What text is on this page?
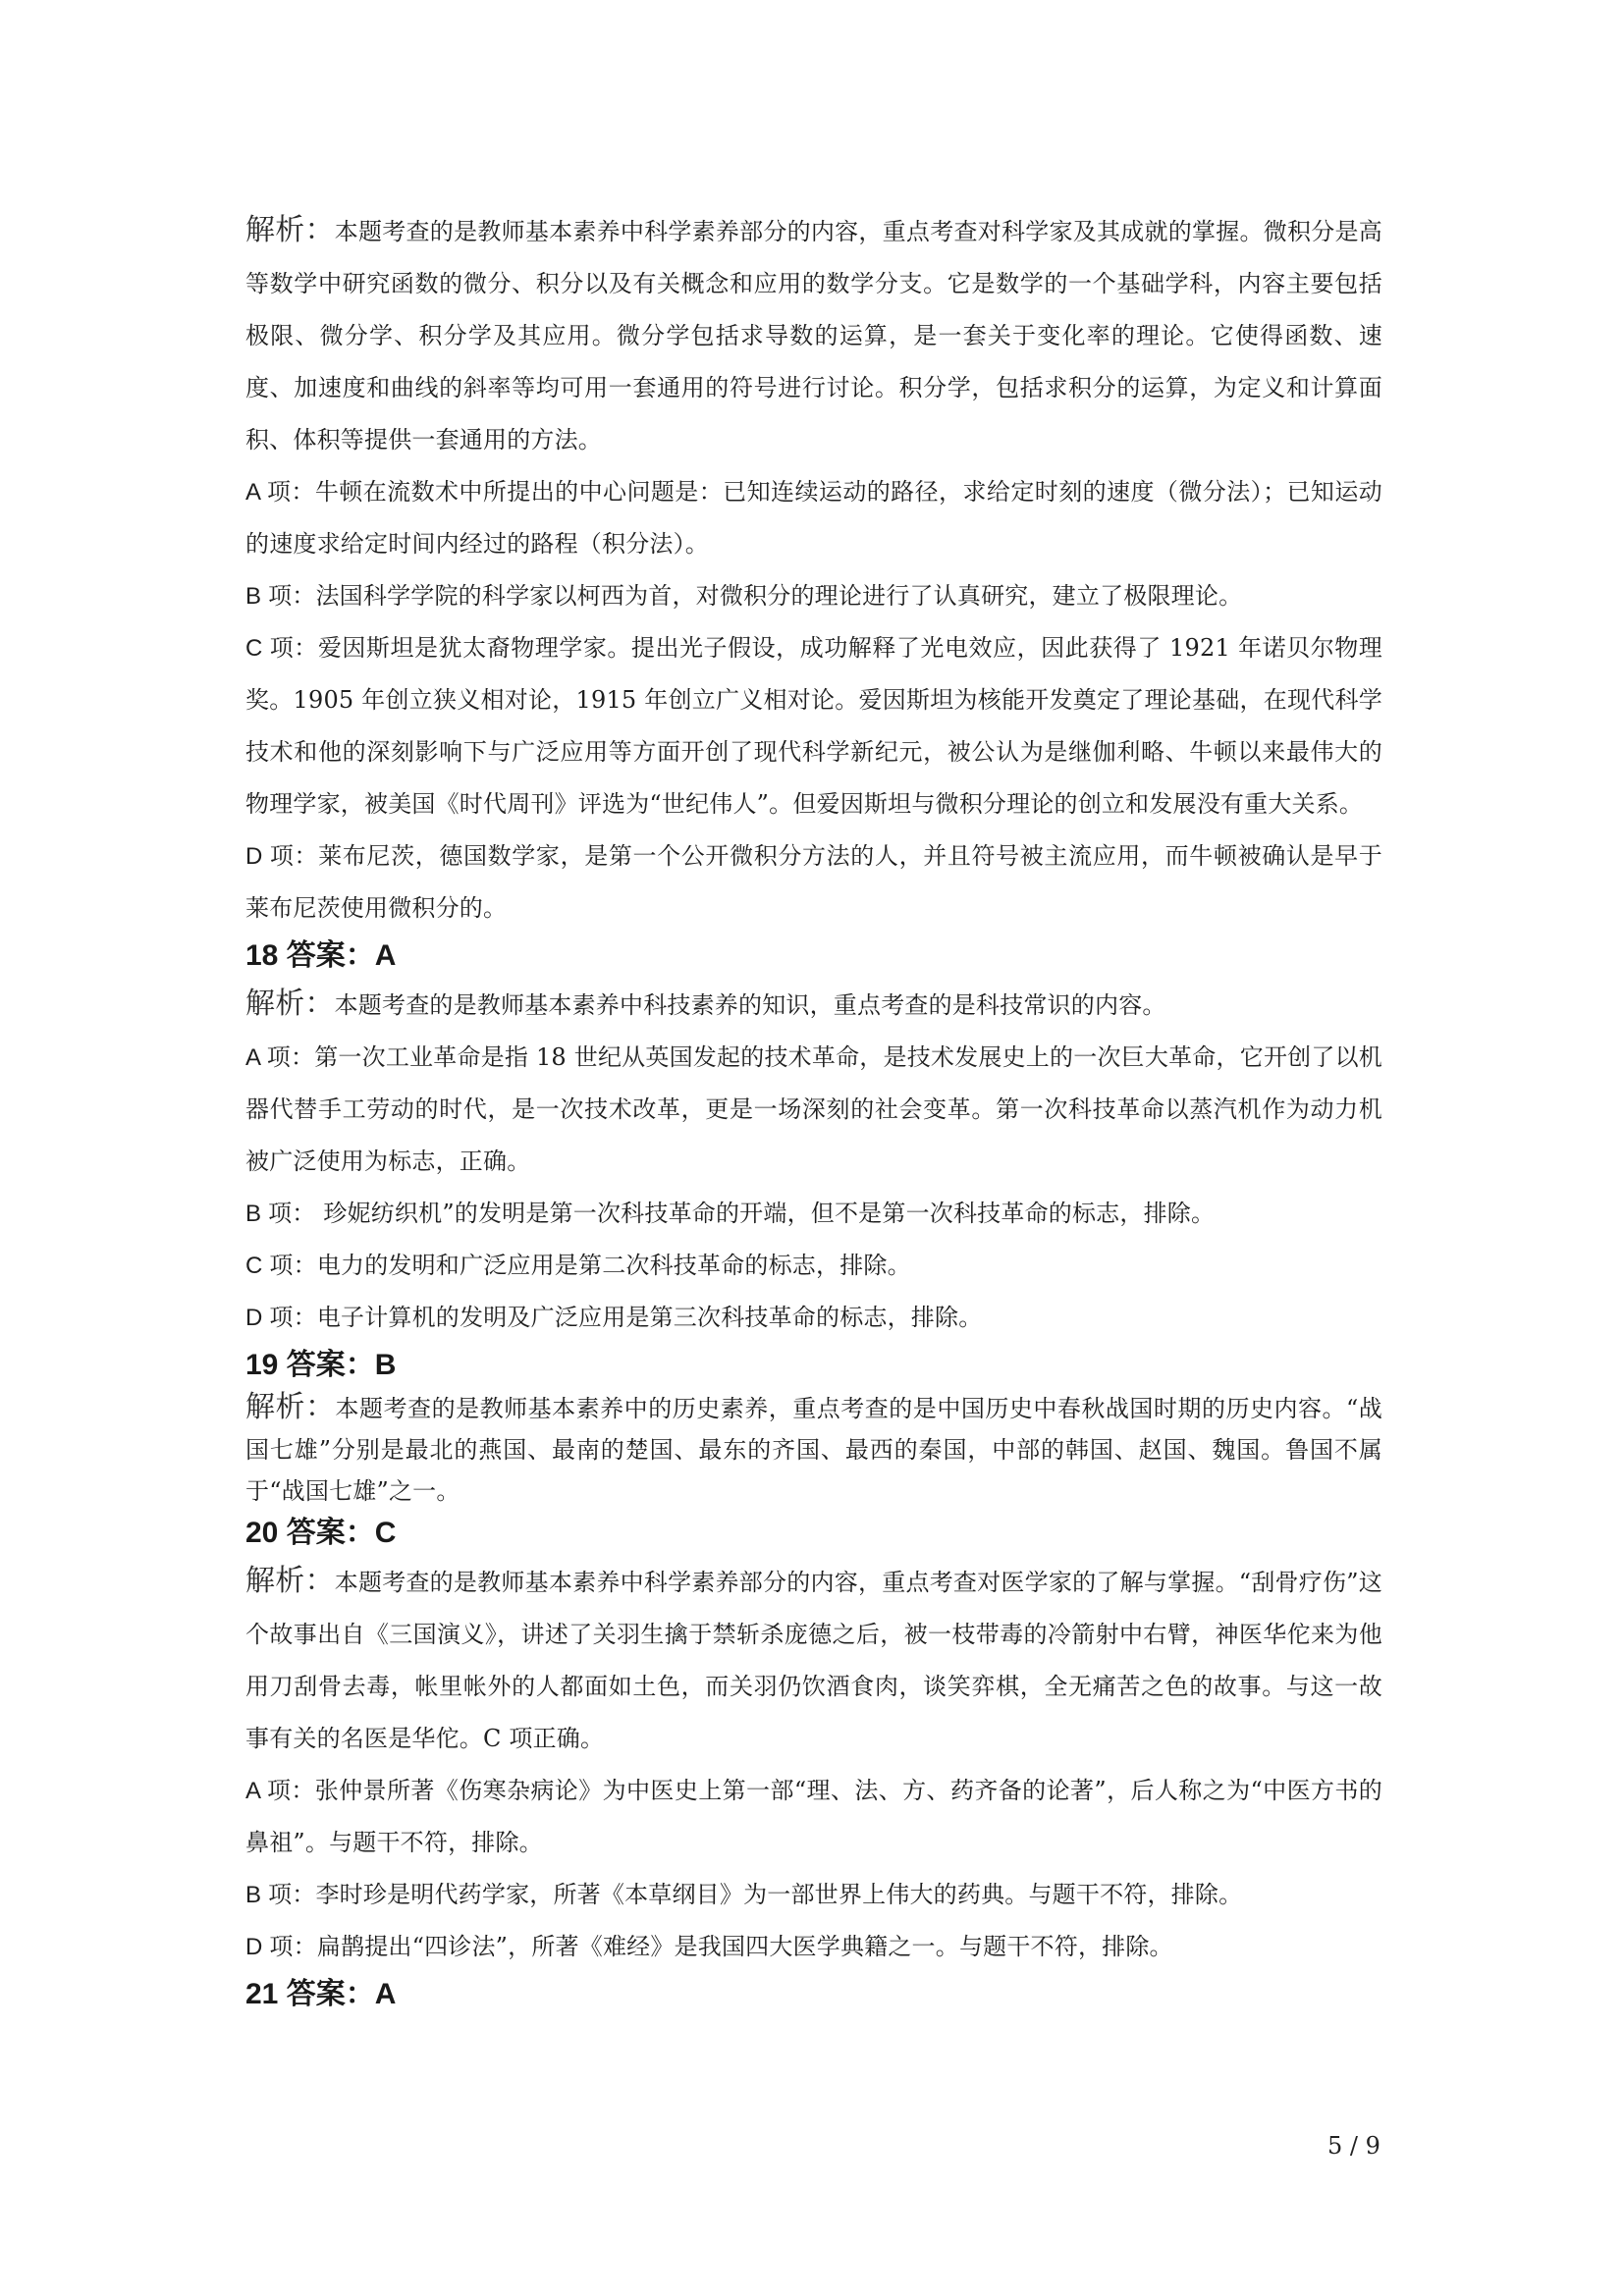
解析：本题考查的是教师基本素养中科学素养部分的内容，重点考查对科学家及其成就的掌握。微积分是高等数学中研究函数的微分、积分以及有关概念和应用的数学分支。它是数学的一个基础学科，内容主要包括极限、微分学、积分学及其应用。微分学包括求导数的运算，是一套关于变化率的理论。它使得函数、速度、加速度和曲线的斜率等均可用一套通用的符号进行讨论。积分学，包括求积分的运算，为定义和计算面积、体积等提供一套通用的方法。

A 项：牛顿在流数术中所提出的中心问题是：已知连续运动的路径，求给定时刻的速度（微分法）；已知运动的速度求给定时间内经过的路程（积分法）。

B 项：法国科学学院的科学家以柯西为首，对微积分的理论进行了认真研究，建立了极限理论。

C 项：爱因斯坦是犹太裔物理学家。提出光子假设，成功解释了光电效应，因此获得了 1921 年诺贝尔物理奖。1905 年创立狭义相对论，1915 年创立广义相对论。爱因斯坦为核能开发奠定了理论基础，在现代科学技术和他的深刻影响下与广泛应用等方面开创了现代科学新纪元，被公认为是继伽利略、牛顿以来最伟大的物理学家，被美国《时代周刊》评选为“世纪伟人”。但爱因斯坦与微积分理论的创立和发展没有重大关系。

D 项：莱布尼茨，德国数学家，是第一个公开微积分方法的人，并且符号被主流应用，而牛顿被确认是早于莱布尼茨使用微积分的。

18 答案：A

解析：本题考查的是教师基本素养中科技素养的知识，重点考查的是科技常识的内容。

A 项：第一次工业革命是指 18 世纪从英国发起的技术革命，是技术发展史上的一次巨大革命，它开创了以机器代替手工劳动的时代，是一次技术改革，更是一场深刻的社会变革。第一次科技革命以蒸汽机作为动力机被广泛使用为标志，正确。

B 项： 珍妮纺织机”的发明是第一次科技革命的开端，但不是第一次科技革命的标志，排除。

C 项：电力的发明和广泛应用是第二次科技革命的标志，排除。

D 项：电子计算机的发明及广泛应用是第三次科技革命的标志，排除。

19 答案：B

解析：本题考查的是教师基本素养中的历史素养，重点考查的是中国历史中春秋战国时期的历史内容。“战国七雄”分别是最北的燕国、最南的楚国、最东的齐国、最西的秦国，中部的韩国、赵国、魏国。鲁国不属于“战国七雄”之一。

20 答案：C

解析：本题考查的是教师基本素养中科学素养部分的内容，重点考查对医学家的了解与掌握。“刮骨疗伤”这个故事出自《三国演义》，讲述了关羽生擒于禁斩杀庞德之后，被一枝带毒的冷箭射中右臂，神医华佗来为他用刀刮骨去毒，帐里帐外的人都面如土色，而关羽仍饮酒食肉，谈笑弈棋，全无痛苦之色的故事。与这一故事有关的名医是华佗。C 项正确。

A 项：张仲景所著《伤寒杂病论》为中医史上第一部“理、法、方、药齐备的论著”，后人称之为“中医方书的鼻祖”。与题干不符，排除。

B 项：李时珍是明代药学家，所著《本草纲目》为一部世界上伟大的药典。与题干不符，排除。

D 项：扁鹊提出“四诊法”，所著《难经》是我国四大医学典籍之一。与题干不符，排除。

21 答案：A

5 / 9
